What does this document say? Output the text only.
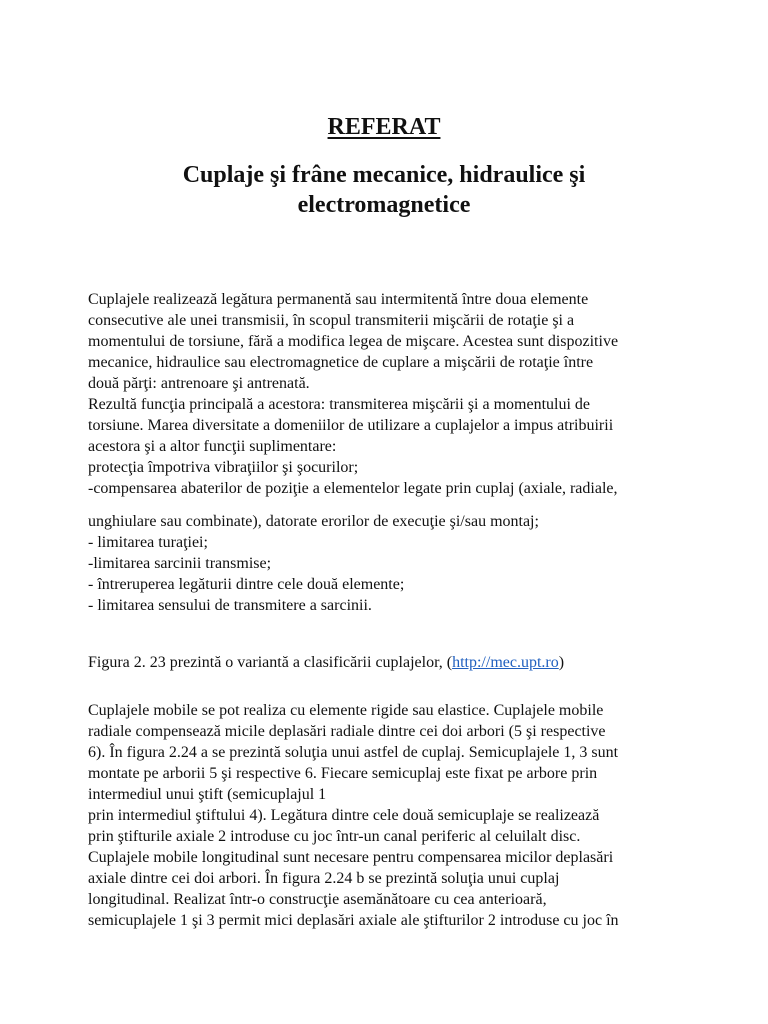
REFERAT
Cuplaje şi frâne mecanice, hidraulice şi
electromagnetice
Cuplajele realizează legătura permanentă sau intermitentă între doua elemente
consecutive ale unei transmisii, în scopul transmiterii mişcării de rotaţie şi a
momentului de torsiune, fără a modifica legea de mişcare. Acestea sunt dispozitive
mecanice, hidraulice sau electromagnetice de cuplare a mişcării de rotaţie între
două părţi: antrenoare şi antrenată.
Rezultă funcţia principală a acestora: transmiterea mişcării şi a momentului de
torsiune. Marea diversitate a domeniilor de utilizare a cuplajelor a impus atribuirii
acestora şi a altor funcţii suplimentare:
protecţia împotriva vibraţiilor şi şocurilor;
-compensarea abaterilor de poziţie a elementelor legate prin cuplaj (axiale, radiale,
unghiulare sau combinate), datorate erorilor de execuţie şi/sau montaj;
- limitarea turaţiei;
-limitarea sarcinii transmise;
- întreruperea legăturii dintre cele două elemente;
- limitarea sensului de transmitere a sarcinii.
Figura 2. 23 prezintă o variantă a clasificării cuplajelor, (http://mec.upt.ro)
Cuplajele mobile se pot realiza cu elemente rigide sau elastice. Cuplajele mobile
radiale compensează micile deplasări radiale dintre cei doi arbori (5 şi respective
6). În figura 2.24 a se prezintă soluţia unui astfel de cuplaj. Semicuplajele 1, 3 sunt
montate pe arborii 5 şi respective 6. Fiecare semicuplaj este fixat pe arbore prin
intermediul unui ştift (semicuplajul 1
prin intermediul ştiftului 4). Legătura dintre cele două semicuplaje se realizează
prin ştifturile axiale 2 introduse cu joc într-un canal periferic al celuilalt disc.
Cuplajele mobile longitudinal sunt necesare pentru compensarea micilor deplasări
axiale dintre cei doi arbori. În figura 2.24 b se prezintă soluţia unui cuplaj
longitudinal. Realizat într-o construcţie asemănătoare cu cea anterioară,
semicuplajele 1 şi 3 permit mici deplasări axiale ale ştifturilor 2 introduse cu joc în
